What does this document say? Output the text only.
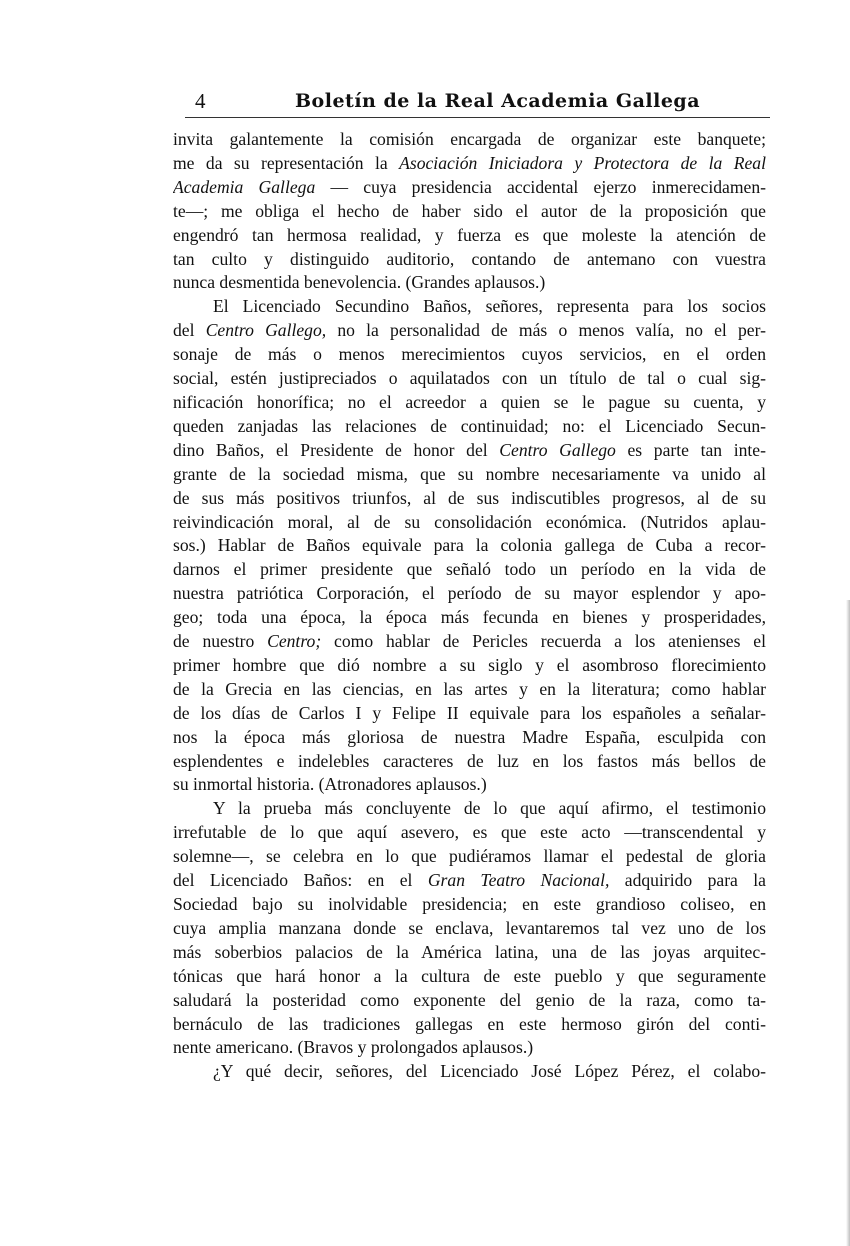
4	Boletín de la Real Academia Gallega
invita galantemente la comisión encargada de organizar este banquete;
me da su representación la Asociación Iniciadora y Protectora de la Real
Academia Gallega — cuya presidencia accidental ejerzo inmerecidamen-
te—; me obliga el hecho de haber sido el autor de la proposición que
engendró tan hermosa realidad, y fuerza es que moleste la atención de
tan culto y distinguido auditorio, contando de antemano con vuestra
nunca desmentida benevolencia. (Grandes aplausos.)
El Licenciado Secundino Baños, señores, representa para los socios
del Centro Gallego, no la personalidad de más o menos valía, no el per-
sonaje de más o menos merecimientos cuyos servicios, en el orden
social, estén justipreciados o aquilatados con un título de tal o cual sig-
nificación honorífica; no el acreedor a quien se le pague su cuenta, y
queden zanjadas las relaciones de continuidad; no: el Licenciado Secun-
dino Baños, el Presidente de honor del Centro Gallego es parte tan inte-
grante de la sociedad misma, que su nombre necesariamente va unido al
de sus más positivos triunfos, al de sus indiscutibles progresos, al de su
reivindicación moral, al de su consolidación económica. (Nutridos aplau-
sos.) Hablar de Baños equivale para la colonia gallega de Cuba a recor-
darnos el primer presidente que señaló todo un período en la vida de
nuestra patriótica Corporación, el período de su mayor esplendor y apo-
geo; toda una época, la época más fecunda en bienes y prosperidades,
de nuestro Centro; como hablar de Pericles recuerda a los atenienses el
primer hombre que dió nombre a su siglo y el asombroso florecimiento
de la Grecia en las ciencias, en las artes y en la literatura; como hablar
de los días de Carlos I y Felipe II equivale para los españoles a señalar-
nos la época más gloriosa de nuestra Madre España, esculpida con
esplendentes e indelebles caracteres de luz en los fastos más bellos de
su inmortal historia. (Atronadores aplausos.)
Y la prueba más concluyente de lo que aquí afirmo, el testimonio
irrefutable de lo que aquí asevero, es que este acto —transcendental y
solemne—, se celebra en lo que pudiéramos llamar el pedestal de gloria
del Licenciado Baños: en el Gran Teatro Nacional, adquirido para la
Sociedad bajo su inolvidable presidencia; en este grandioso coliseo, en
cuya amplia manzana donde se enclava, levantaremos tal vez uno de los
más soberbios palacios de la América latina, una de las joyas arquitec-
tónicas que hará honor a la cultura de este pueblo y que seguramente
saludará la posteridad como exponente del genio de la raza, como ta-
bernáculo de las tradiciones gallegas en este hermoso girón del conti-
nente americano. (Bravos y prolongados aplausos.)
¿Y qué decir, señores, del Licenciado José López Pérez, el colabo-
